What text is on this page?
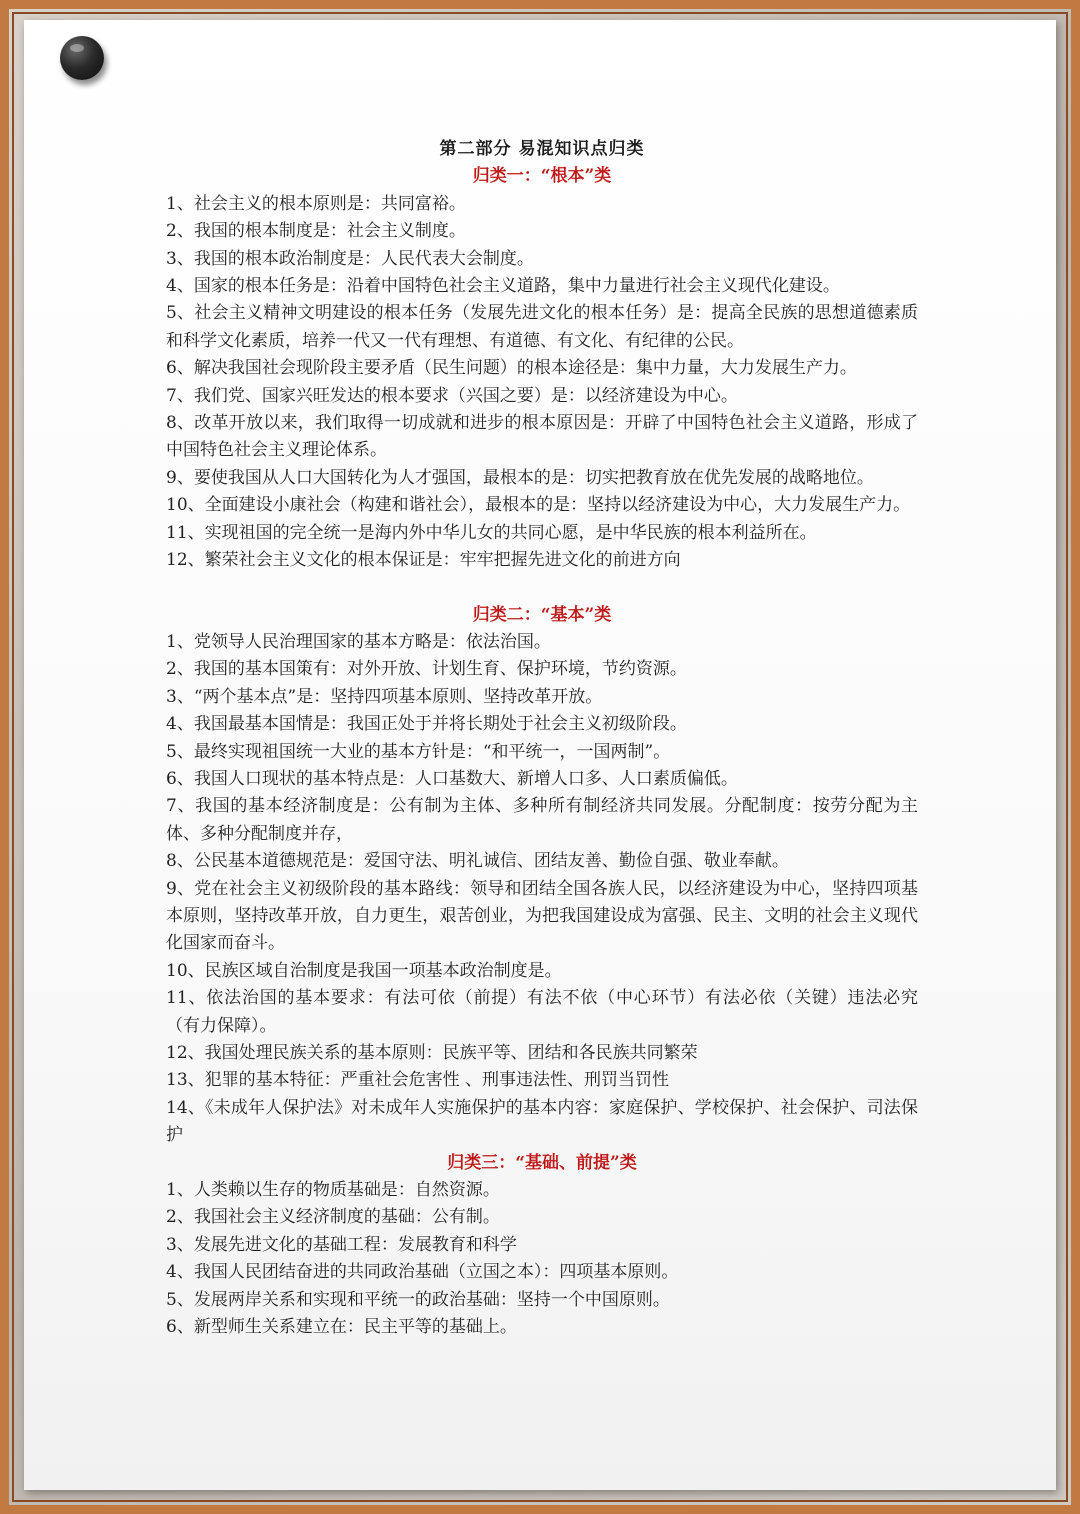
第二部分 易混知识点归类
归类一：“根本”类

1、社会主义的根本原则是：共同富裕。

2、我国的根本制度是：社会主义制度。

3、我国的根本政治制度是：人民代表大会制度。

4、国家的根本任务是：沿着中国特色社会主义道路，集中力量进行社会主义现代化建设。

5、社会主义精神文明建设的根本任务（发展先进文化的根本任务）是：提高全民族的思想道德素质和科学文化素质，培养一代又一代有理想、有道德、有文化、有纪律的公民。

6、解决我国社会现阶段主要矛盾（民生问题）的根本途径是：集中力量，大力发展生产力。

7、我们党、国家兴旺发达的根本要求（兴国之要）是：以经济建设为中心。

8、改革开放以来，我们取得一切成就和进步的根本原因是：开辟了中国特色社会主义道路，形成了中国特色社会主义理论体系。

9、要使我国从人口大国转化为人才强国，最根本的是：切实把教育放在优先发展的战略地位。

10、全面建设小康社会（构建和谐社会），最根本的是：坚持以经济建设为中心，大力发展生产力。

11、实现祖国的完全统一是海内外中华儿女的共同心愿，是中华民族的根本利益所在。

12、繁荣社会主义文化的根本保证是：牢牢把握先进文化的前进方向

归类二：“基本”类

1、党领导人民治理国家的基本方略是：依法治国。

2、我国的基本国策有：对外开放、计划生育、保护环境，节约资源。

3、“两个基本点”是：坚持四项基本原则、坚持改革开放。

4、我国最基本国情是：我国正处于并将长期处于社会主义初级阶段。

5、最终实现祖国统一大业的基本方针是：“和平统一，一国两制”。

6、我国人口现状的基本特点是：人口基数大、新增人口多、人口素质偏低。

7、我国的基本经济制度是：公有制为主体、多种所有制经济共同发展。分配制度：按劳分配为主体、多种分配制度并存，

8、公民基本道德规范是：爱国守法、明礼诚信、团结友善、勤俭自强、敬业奉献。

9、党在社会主义初级阶段的基本路线：领导和团结全国各族人民，以经济建设为中心，坚持四项基本原则，坚持改革开放，自力更生，艰苦创业，为把我国建设成为富强、民主、文明的社会主义现代化国家而奋斗。

10、民族区域自治制度是我国一项基本政治制度是。

11、依法治国的基本要求：有法可依（前提）有法不依（中心环节）有法必依（关键）违法必究（有力保障）。

12、我国处理民族关系的基本原则：民族平等、团结和各民族共同繁荣

13、犯罪的基本特征：严重社会危害性 、刑事违法性、刑罚当罚性

14、《未成年人保护法》对未成年人实施保护的基本内容：家庭保护、学校保护、社会保护、司法保护

归类三：“基础、前提”类

1、人类赖以生存的物质基础是：自然资源。

2、我国社会主义经济制度的基础：公有制。

3、发展先进文化的基础工程：发展教育和科学

4、我国人民团结奋进的共同政治基础（立国之本）：四项基本原则。

5、发展两岸关系和实现和平统一的政治基础：坚持一个中国原则。

6、新型师生关系建立在：民主平等的基础上。
